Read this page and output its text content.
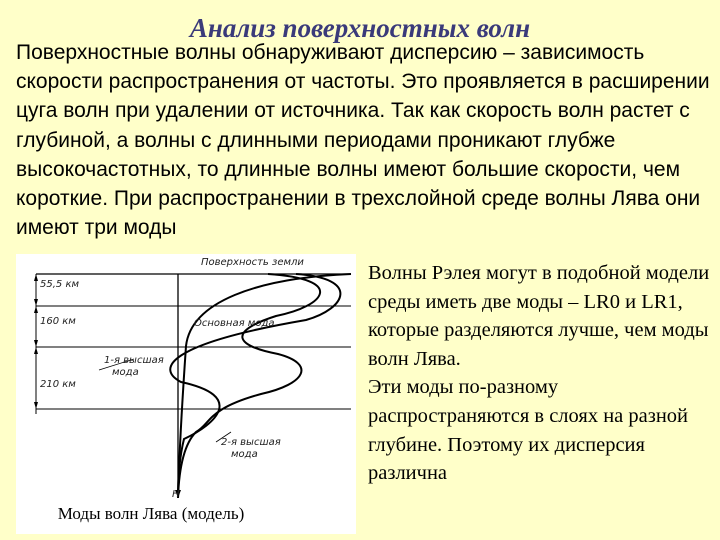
Анализ поверхностных волн

Поверхностные волны обнаруживают дисперсию – зависимость скорости распространения от частоты. Это проявляется в расширении цуга волн при удалении от источника. Так как скорость волн растет с глубиной, а волны с длинными периодами проникают глубже высокочастотных, то длинные волны имеют большие скорости, чем короткие. При распространении в трехслойной среде волны Лява они имеют три моды

Поверхность земли
55,5 км
160 км
210 км
Основная мода
1-я высшая
мода
2-я высшая
мода
H
Моды волн Лява (модель)

Волны Рэлея могут в подобной модели среды иметь две моды – LR0 и LR1, которые разделяются лучше, чем моды волн Лява.

Эти моды по-разному распространяются в слоях на разной глубине. Поэтому их дисперсия различна
